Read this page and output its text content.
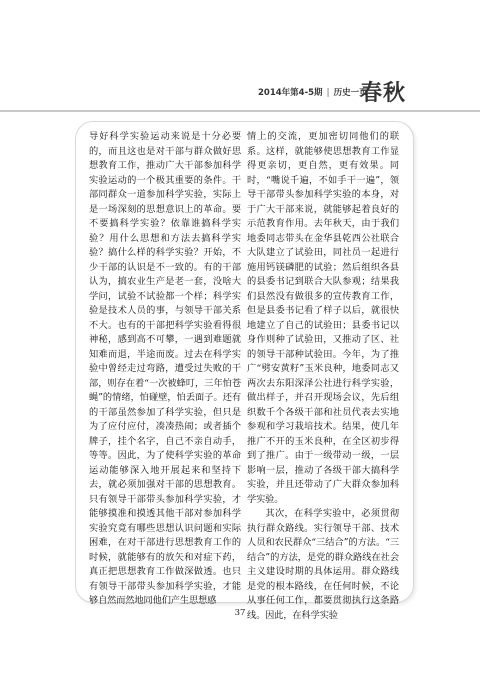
2014年第4-5期 | 历史一页
春秋

导好科学实验运动来说是十分必要的，而且这也是对干部与群众做好思想教育工作，推动广大干部参加科学实验运动的一个极其重要的条件。干部同群众一道参加科学实验，实际上是一场深刻的思想意识上的革命。要不要搞科学实验？依靠谁搞科学实验？用什么思想和方法去搞科学实验？搞什么样的科学实验？开始，不少干部的认识是不一致的。有的干部认为，搞农业生产是老一套，没啥大学问，试验不试验都一个样；科学实验是技术人员的事，与领导干部关系不大。也有的干部把科学实验看得很神秘，感到高不可攀，一遇到难题就知难而退，半途而废。过去在科学实验中曾经走过弯路，遭受过失败的干部，则存在着“一次被蜂叮，三年怕苍蝇”的情绪，怕碰壁，怕丢面子。还有的干部虽然参加了科学实验，但只是为了应付应付，凑凑热闹；或者插个牌子，挂个名字，自己不亲自动手，等等。因此，为了使科学实验的革命运动能够深入地开展起来和坚持下去，就必须加强对干部的思想教育。只有领导干部带头参加科学实验，才能够摸准和摸透其他干部对参加科学实验究竟有哪些思想认识问题和实际困难，在对干部进行思想教育工作的时候，就能够有的放矢和对症下药，真正把思想教育工作做深做透。也只有领导干部带头参加科学实验，才能够自然而然地同他们产生思想感

情上的交流，更加密切同他们的联系。这样，就能够使思想教育工作显得更亲切，更自然，更有效果。同时，“嘴说千遍，不如手干一遍”，领导干部带头参加科学实验的本身，对于广大干部来说，就能够起着良好的示范教育作用。去年秋天，由于我们地委同志带头在金华县乾西公社联合大队建立了试验田，同社员一起进行施用钙镁磷肥的试验；然后组织各县的县委书记到联合大队参观；结果我们县然没有做很多的宣传教育工作，但是县委书记看了样子以后，就很快地建立了自己的试验田；县委书记以身作则种了试验田，又推动了区、社的领导干部种试验田。今年，为了推广“劈安黄籽”玉米良种，地委同志又两次去东阳深泽公社进行科学实验，做出样子，并召开现场会议，先后组织数千个各级干部和社员代表去实地参观和学习栽培技术。结果，使几年推广不开的玉米良种，在全区初步得到了推广。由于一级带动一级，一层影响一层，推动了各级干部大搞科学实验，并且还带动了广大群众参加科学实验。

其次，在科学实验中，必须贯彻执行群众路线。实行领导干部、技术人员和农民群众“三结合”的方法。“三结合”的方法，是党的群众路线在社会主义建设时期的具体运用。群众路线是党的根本路线，在任何时候，不论从事任何工作，都要贯彻执行这条路线。因此，在科学实验

37
